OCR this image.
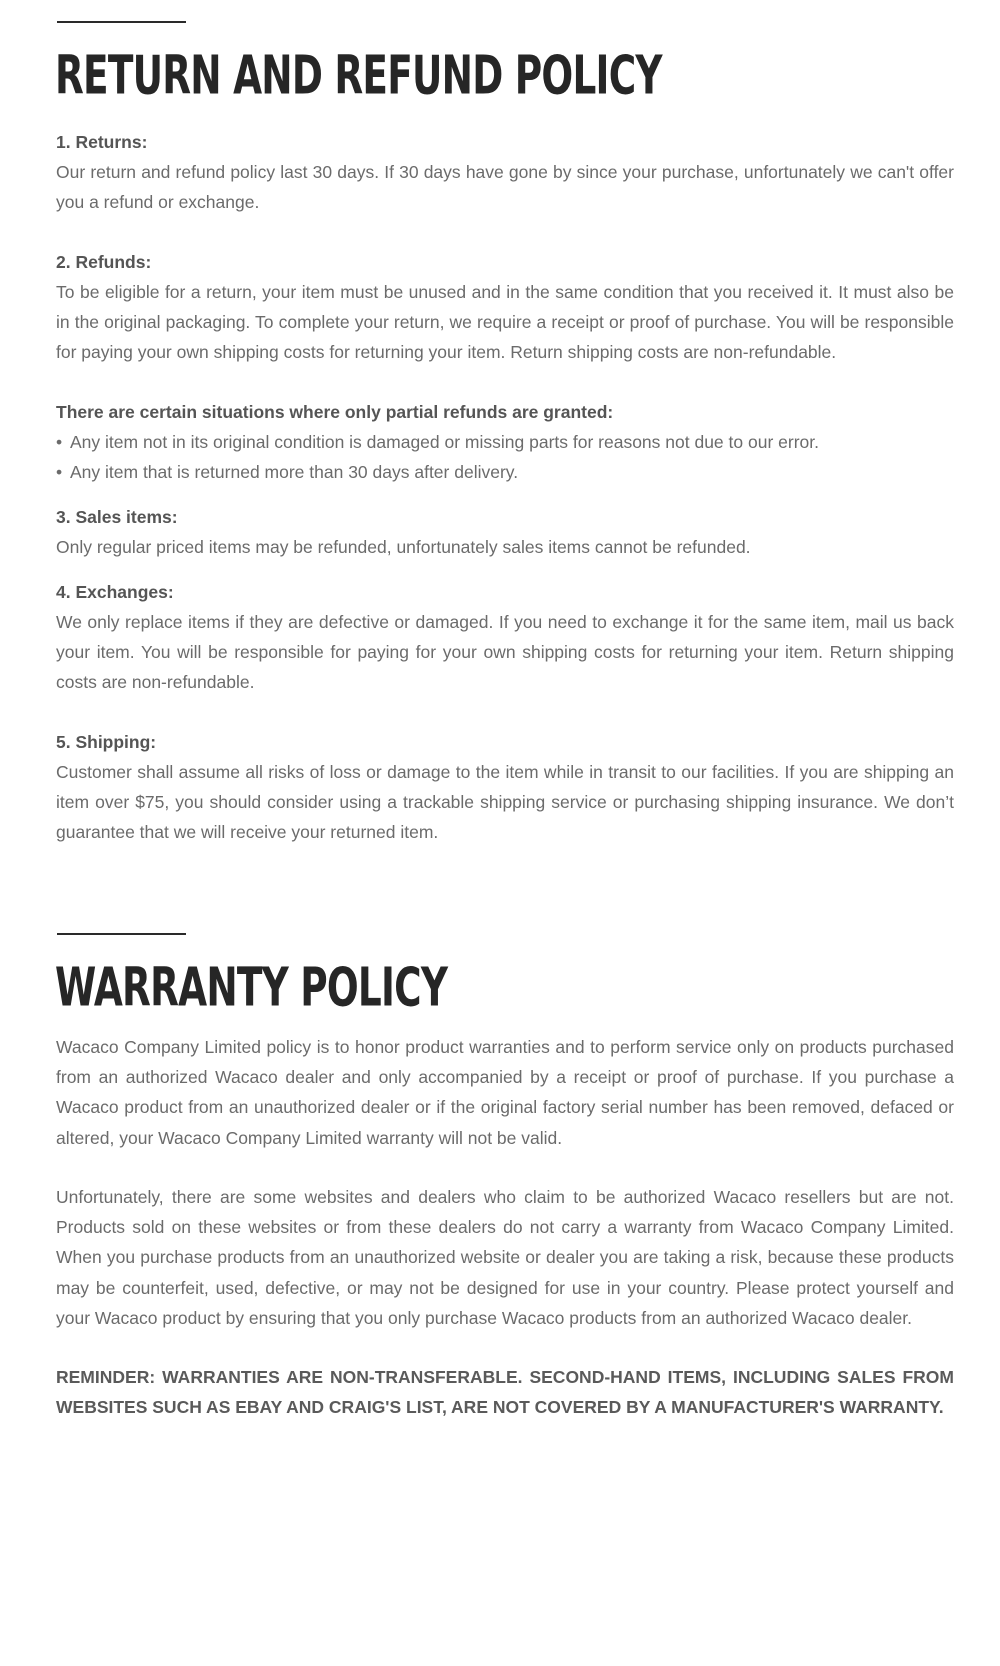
RETURN AND REFUND POLICY

1. Returns:

Our return and refund policy last 30 days. If 30 days have gone by since your purchase, unfortunately we can't offer you a refund or exchange.

2. Refunds:

To be eligible for a return, your item must be unused and in the same condition that you received it. It must also be in the original packaging. To complete your return, we require a receipt or proof of purchase. You will be responsible for paying your own shipping costs for returning your item. Return shipping costs are non-refundable.

There are certain situations where only partial refunds are granted:

• Any item not in its original condition is damaged or missing parts for reasons not due to our error.

• Any item that is returned more than 30 days after delivery.

3. Sales items:

Only regular priced items may be refunded, unfortunately sales items cannot be refunded.

4. Exchanges:

We only replace items if they are defective or damaged. If you need to exchange it for the same item, mail us back your item. You will be responsible for paying for your own shipping costs for returning your item. Return shipping costs are non-refundable.

5. Shipping:

Customer shall assume all risks of loss or damage to the item while in transit to our facilities. If you are shipping an item over $75, you should consider using a trackable shipping service or purchasing shipping insurance. We don’t guarantee that we will receive your returned item.

WARRANTY POLICY

Wacaco Company Limited policy is to honor product warranties and to perform service only on products purchased from an authorized Wacaco dealer and only accompanied by a receipt or proof of purchase. If you purchase a Wacaco product from an unauthorized dealer or if the original factory serial number has been removed, defaced or altered, your Wacaco Company Limited warranty will not be valid.

Unfortunately, there are some websites and dealers who claim to be authorized Wacaco resellers but are not. Products sold on these websites or from these dealers do not carry a warranty from Wacaco Company Limited. When you purchase products from an unauthorized website or dealer you are taking a risk, because these products may be counterfeit, used, defective, or may not be designed for use in your country. Please protect yourself and your Wacaco product by ensuring that you only purchase Wacaco products from an authorized Wacaco dealer.

REMINDER: WARRANTIES ARE NON-TRANSFERABLE. SECOND-HAND ITEMS, INCLUDING SALES FROM WEBSITES SUCH AS EBAY AND CRAIG'S LIST, ARE NOT COVERED BY A MANUFACTURER'S WARRANTY.
